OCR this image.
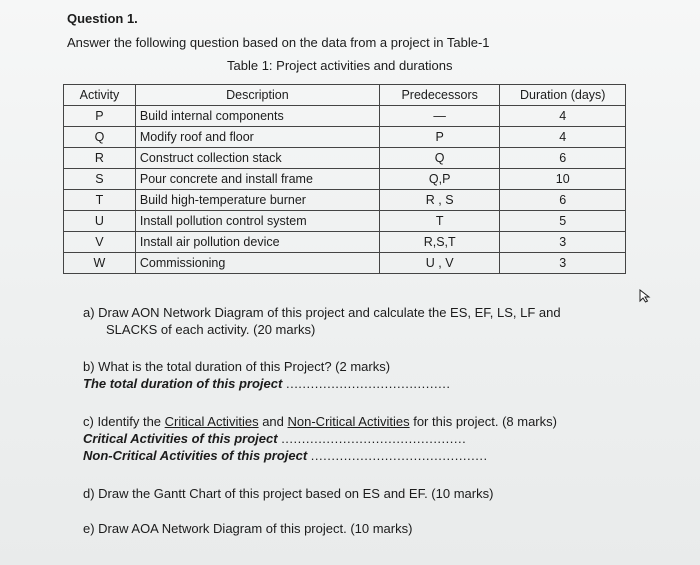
Question 1.
Answer the following question based on the data from a project in Table-1
Table 1: Project activities and durations
Activity	Description	Predecessors	Duration (days)
P	Build internal components	—	4
Q	Modify roof and floor	P	4
R	Construct collection stack	Q	6
S	Pour concrete and install frame	Q,P	10
T	Build high-temperature burner	R , S	6
U	Install pollution control system	T	5
V	Install air pollution device	R,S,T	3
W	Commissioning	U , V	3
a) Draw AON Network Diagram of this project and calculate the ES, EF, LS, LF and
SLACKS of each activity. (20 marks)
b) What is the total duration of this Project? (2 marks)
The total duration of this project ........................................
c) Identify the Critical Activities and Non-Critical Activities for this project. (8 marks)
Critical Activities of this project .............................................
Non-Critical Activities of this project ...........................................
d) Draw the Gantt Chart of this project based on ES and EF. (10 marks)
e) Draw AOA Network Diagram of this project. (10 marks)
